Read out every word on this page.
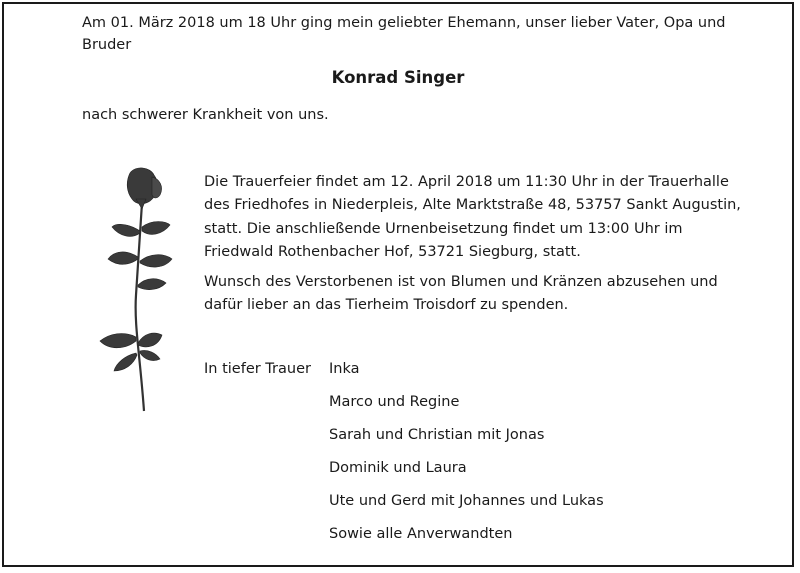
Am 01. März 2018 um 18 Uhr ging mein geliebter Ehemann, unser lieber Vater, Opa und
Bruder
Konrad Singer
nach schwerer Krankheit von uns.
Die Trauerfeier findet am 12. April 2018 um 11:30 Uhr in der Trauerhalle
des Friedhofes in Niederpleis, Alte Marktstraße 48, 53757 Sankt Augustin,
statt. Die anschließende Urnenbeisetzung findet um 13:00 Uhr im
Friedwald Rothenbacher Hof, 53721 Siegburg, statt.
Wunsch des Verstorbenen ist von Blumen und Kränzen abzusehen und
dafür lieber an das Tierheim Troisdorf zu spenden.
In tiefer Trauer Inka
Marco und Regine
Sarah und Christian mit Jonas
Dominik und Laura
Ute und Gerd mit Johannes und Lukas
Sowie alle Anverwandten
